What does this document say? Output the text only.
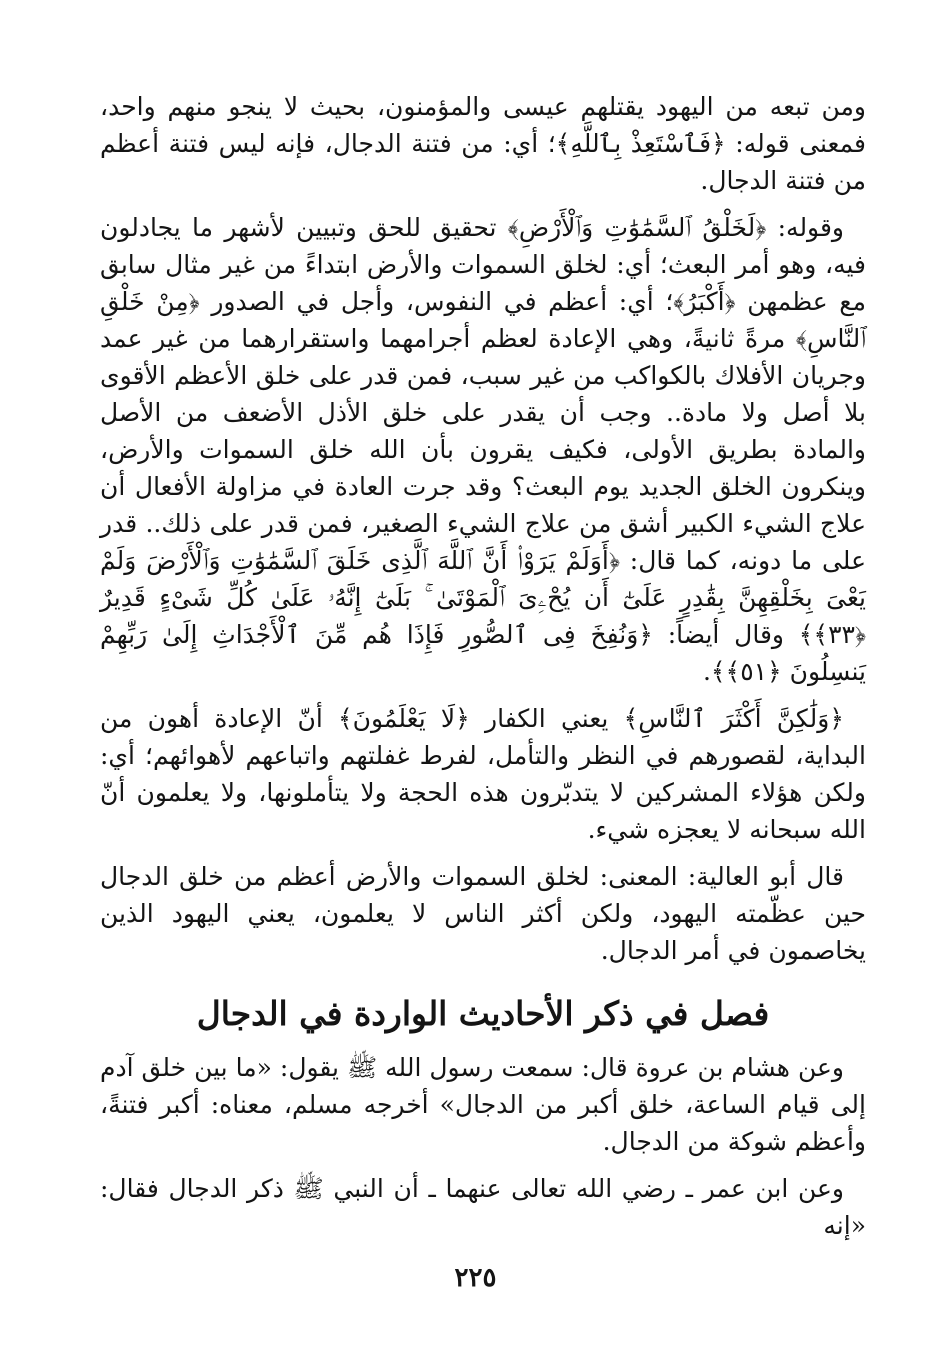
ومن تبعه من اليهود يقتلهم عيسى والمؤمنون، بحيث لا ينجو منهم واحد، فمعنى قوله: ﴿فَٱسْتَعِذْ بِٱللَّهِ﴾؛ أي: من فتنة الدجال، فإنه ليس فتنة أعظم من فتنة الدجال.

وقوله: ﴿لَخَلْقُ ٱلسَّمَٰوَٰتِ وَٱلْأَرْضِ﴾ تحقيق للحق وتبيين لأشهر ما يجادلون فيه، وهو أمر البعث؛ أي: لخلق السموات والأرض ابتداءً من غير مثال سابق مع عظمهن ﴿أَكْبَرُ﴾؛ أي: أعظم في النفوس، وأجل في الصدور ﴿مِنْ خَلْقِ ٱلنَّاسِ﴾ مرةً ثانيةً، وهي الإعادة لعظم أجرامهما واستقرارهما من غير عمد وجريان الأفلاك بالكواكب من غير سبب، فمن قدر على خلق الأعظم الأقوى بلا أصل ولا مادة.. وجب أن يقدر على خلق الأذل الأضعف من الأصل والمادة بطريق الأولى، فكيف يقرون بأن الله خلق السموات والأرض، وينكرون الخلق الجديد يوم البعث؟ وقد جرت العادة في مزاولة الأفعال أن علاج الشيء الكبير أشق من علاج الشيء الصغير، فمن قدر على ذلك.. قدر على ما دونه، كما قال: ﴿أَوَلَمْ يَرَوْا۟ أَنَّ ٱللَّهَ ٱلَّذِى خَلَقَ ٱلسَّمَٰوَٰتِ وَٱلْأَرْضَ وَلَمْ يَعْىَ بِخَلْقِهِنَّ بِقَٰدِرٍ عَلَىٰٓ أَن يُحْۦِىَ ٱلْمَوْتَىٰ ۚ بَلَىٰٓ إِنَّهُۥ عَلَىٰ كُلِّ شَىْءٍ قَدِيرٌ ﴿٣٣﴾﴾ وقال أيضاً: ﴿وَنُفِخَ فِى ٱلصُّورِ فَإِذَا هُم مِّنَ ٱلْأَجْدَاثِ إِلَىٰ رَبِّهِمْ يَنسِلُونَ ﴿٥١﴾﴾.

﴿وَلَٰكِنَّ أَكْثَرَ ٱلنَّاسِ﴾ يعني الكفار ﴿لَا يَعْلَمُونَ﴾ أنّ الإعادة أهون من البداية، لقصورهم في النظر والتأمل، لفرط غفلتهم واتباعهم لأهوائهم؛ أي: ولكن هؤلاء المشركين لا يتدبّرون هذه الحجة ولا يتأملونها، ولا يعلمون أنّ الله سبحانه لا يعجزه شيء.

قال أبو العالية: المعنى: لخلق السموات والأرض أعظم من خلق الدجال حين عظّمته اليهود، ولكن أكثر الناس لا يعلمون، يعني اليهود الذين يخاصمون في أمر الدجال.

فصل في ذكر الأحاديث الواردة في الدجال

وعن هشام بن عروة قال: سمعت رسول الله ﷺ يقول: «ما بين خلق آدم إلى قيام الساعة، خلق أكبر من الدجال» أخرجه مسلم، معناه: أكبر فتنةً، وأعظم شوكة من الدجال.

وعن ابن عمر ـ رضي الله تعالى عنهما ـ أن النبي ﷺ ذكر الدجال فقال: «إنه

٢٢٥
